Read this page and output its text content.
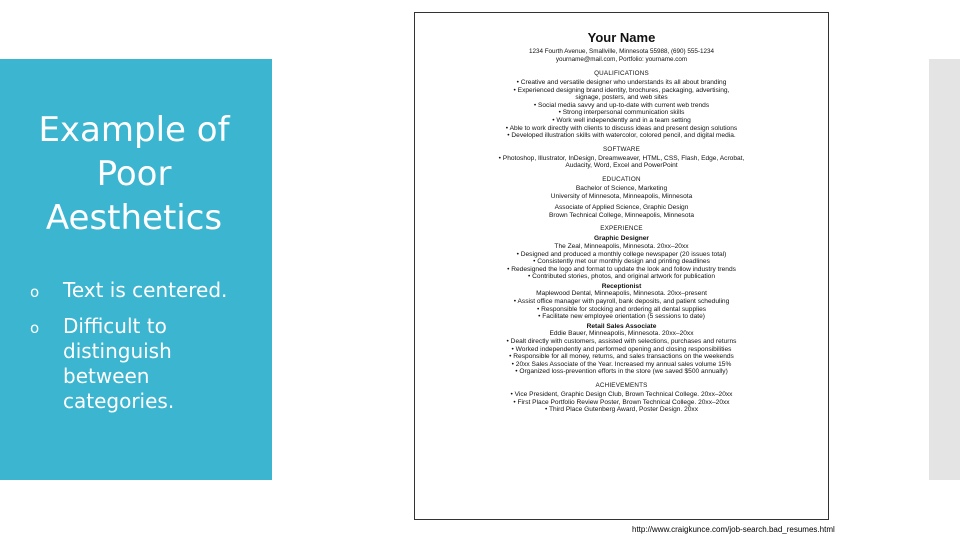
Example of
Poor
Aesthetics
o Text is centered.
o Difficult to distinguish between categories.
Your Name
1234 Fourth Avenue, Smallville, Minnesota 55988, (690) 555-1234
yourname@mail.com, Portfolio: yourname.com
QUALIFICATIONS
• Creative and versatile designer who understands its all about branding
• Experienced designing brand identity, brochures, packaging, advertising,
signage, posters, and web sites
• Social media savvy and up-to-date with current web trends
• Strong interpersonal communication skills
• Work well independently and in a team setting
• Able to work directly with clients to discuss ideas and present design solutions
• Developed illustration skills with watercolor, colored pencil, and digital media.
SOFTWARE
• Photoshop, Illustrator, InDesign, Dreamweaver, HTML, CSS, Flash, Edge, Acrobat,
Audacity, Word, Excel and PowerPoint
EDUCATION
Bachelor of Science, Marketing
University of Minnesota, Minneapolis, Minnesota
Associate of Applied Science, Graphic Design
Brown Technical College, Minneapolis, Minnesota
EXPERIENCE
Graphic Designer
The Zeal, Minneapolis, Minnesota. 20xx–20xx
• Designed and produced a monthly college newspaper (20 issues total)
• Consistently met our monthly design and printing deadlines
• Redesigned the logo and format to update the look and follow industry trends
• Contributed stories, photos, and original artwork for publication
Receptionist
Maplewood Dental, Minneapolis, Minnesota. 20xx–present
• Assist office manager with payroll, bank deposits, and patient scheduling
• Responsible for stocking and ordering all dental supplies
• Facilitate new employee orientation (5 sessions to date)
Retail Sales Associate
Eddie Bauer, Minneapolis, Minnesota. 20xx–20xx
• Dealt directly with customers, assisted with selections, purchases and returns
• Worked independently and performed opening and closing responsibilities
• Responsible for all money, returns, and sales transactions on the weekends
• 20xx Sales Associate of the Year. Increased my annual sales volume 15%
• Organized loss-prevention efforts in the store (we saved $500 annually)
ACHIEVEMENTS
• Vice President, Graphic Design Club, Brown Technical College. 20xx–20xx
• First Place Portfolio Review Poster, Brown Technical College. 20xx–20xx
• Third Place Gutenberg Award, Poster Design. 20xx
http://www.craigkunce.com/job-search.bad_resumes.html
